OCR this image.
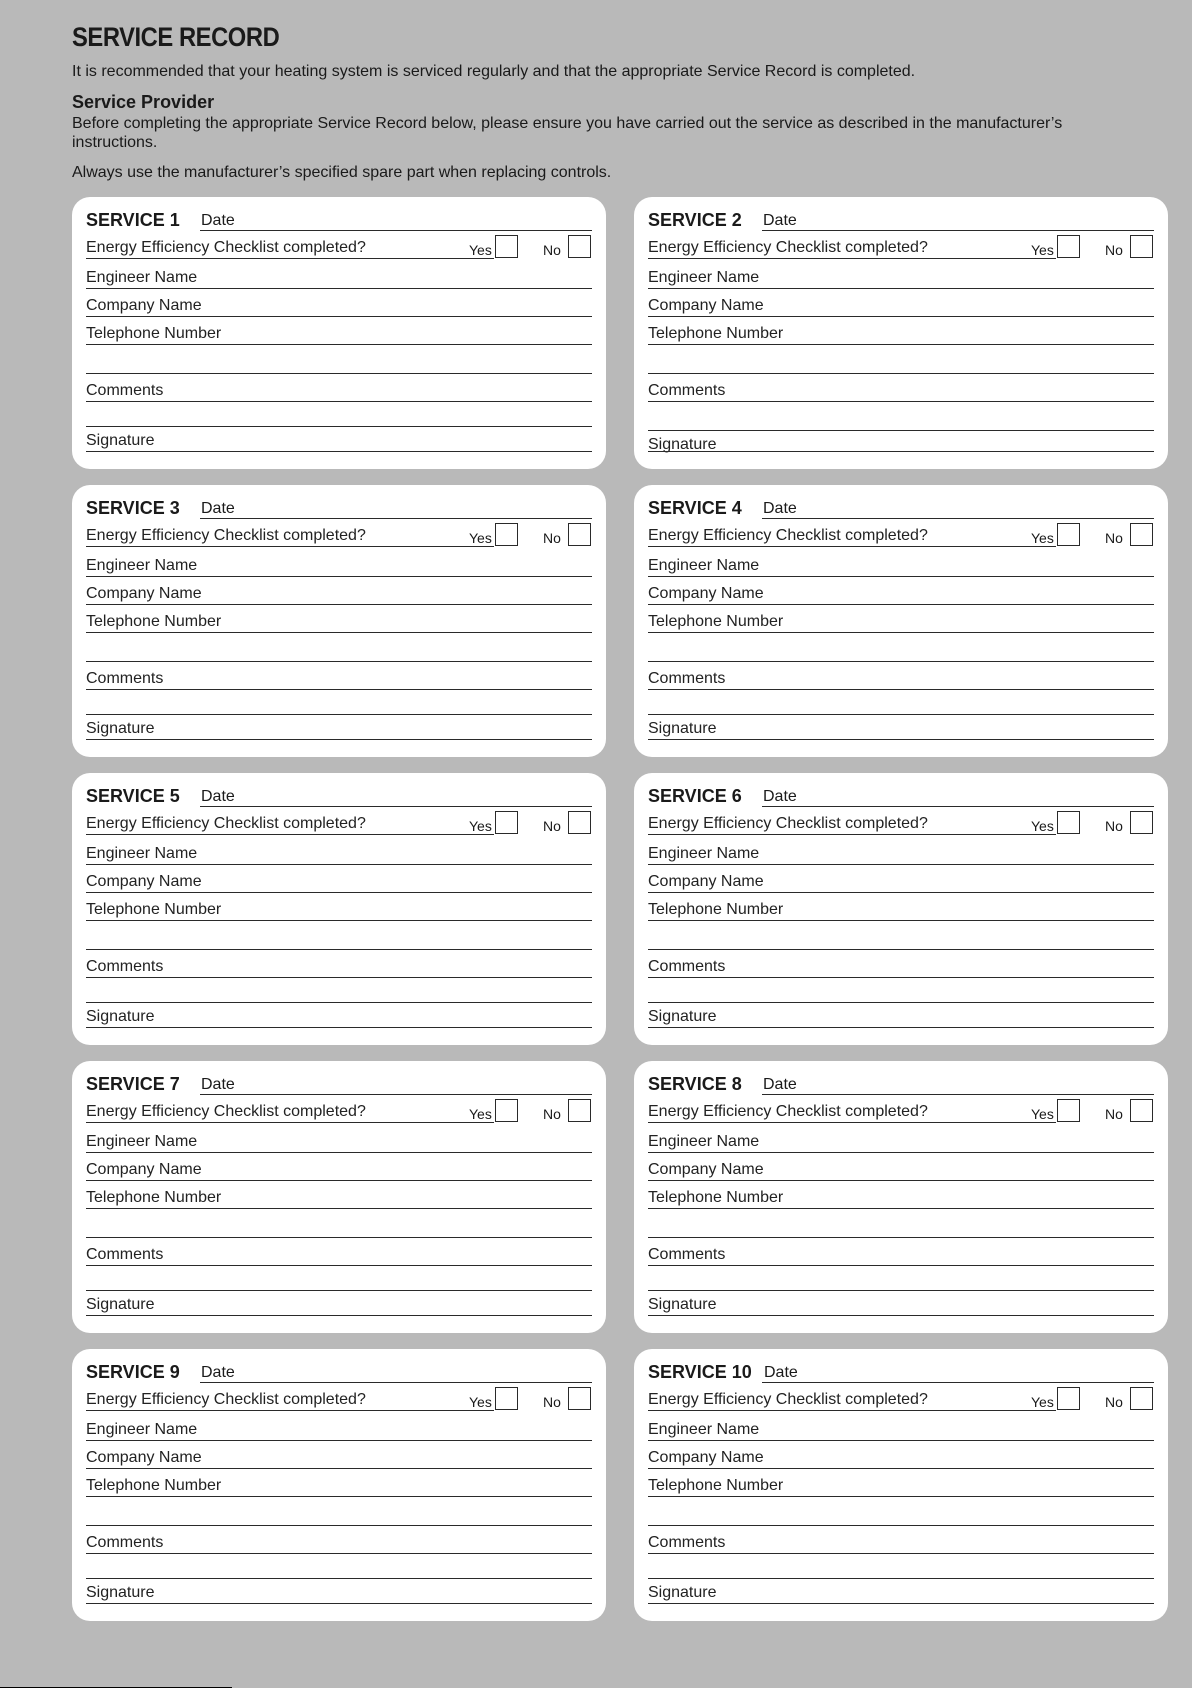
SERVICE RECORD
It is recommended that your heating system is serviced regularly and that the appropriate Service Record is completed.
Service Provider
Before completing the appropriate Service Record below, please ensure you have carried out the service as described in the manufacturer’s instructions.
Always use the manufacturer’s specified spare part when replacing controls.
SERVICE 1 Date
Energy Efficiency Checklist completed?	Yes	No
Engineer Name
Company Name
Telephone Number
Comments
Signature
SERVICE 2 Date
Energy Efficiency Checklist completed?	Yes	No
Engineer Name
Company Name
Telephone Number
Comments
Signature
SERVICE 3 Date
Energy Efficiency Checklist completed?	Yes	No
Engineer Name
Company Name
Telephone Number
Comments
Signature
SERVICE 4 Date
Energy Efficiency Checklist completed?	Yes	No
Engineer Name
Company Name
Telephone Number
Comments
Signature
SERVICE 5 Date
Energy Efficiency Checklist completed?	Yes	No
Engineer Name
Company Name
Telephone Number
Comments
Signature
SERVICE 6 Date
Energy Efficiency Checklist completed?	Yes	No
Engineer Name
Company Name
Telephone Number
Comments
Signature
SERVICE 7 Date
Energy Efficiency Checklist completed?	Yes	No
Engineer Name
Company Name
Telephone Number
Comments
Signature
SERVICE 8 Date
Energy Efficiency Checklist completed?	Yes	No
Engineer Name
Company Name
Telephone Number
Comments
Signature
SERVICE 9 Date
Energy Efficiency Checklist completed?	Yes	No
Engineer Name
Company Name
Telephone Number
Comments
Signature
SERVICE 10 Date
Energy Efficiency Checklist completed?	Yes	No
Engineer Name
Company Name
Telephone Number
Comments
Signature
